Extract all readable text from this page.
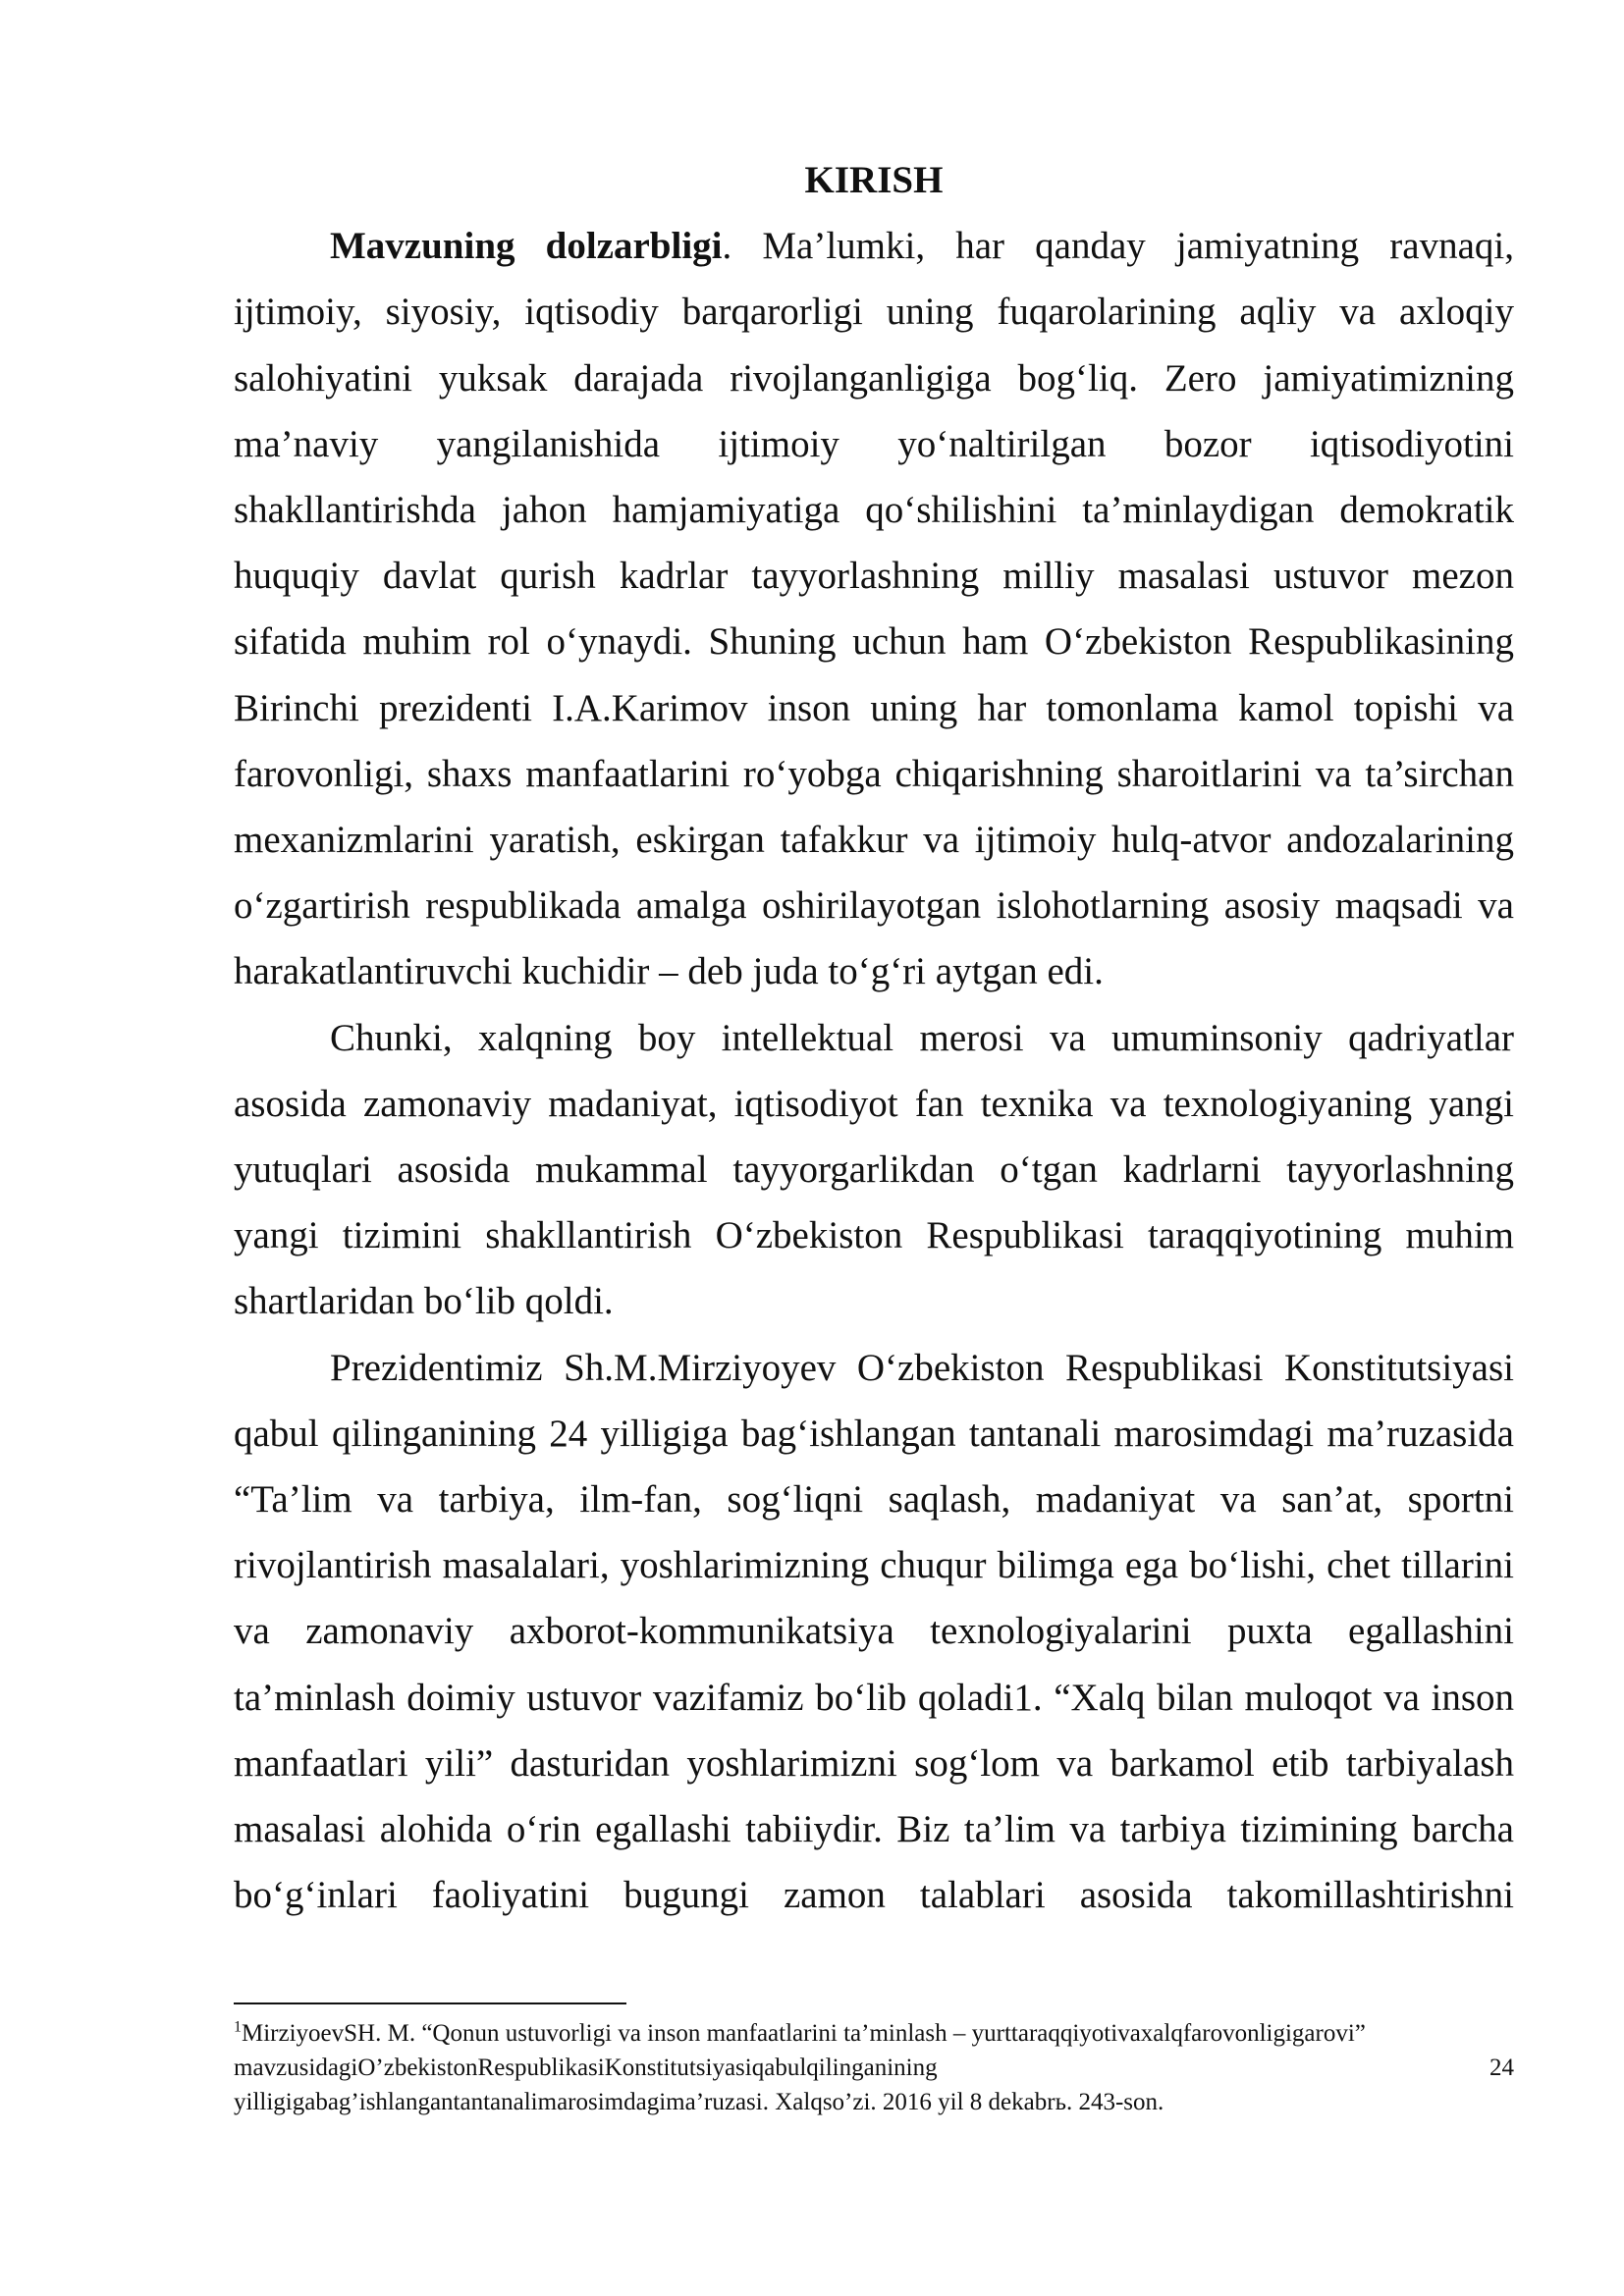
KIRISH

Mavzuning dolzarbligi. Ma’lumki, har qanday jamiyatning ravnaqi, ijtimoiy, siyosiy, iqtisodiy barqarorligi uning fuqarolarining aqliy va axloqiy salohiyatini yuksak darajada rivojlanganligiga bog‘liq. Zero jamiyatimizning ma’naviy yangilanishida ijtimoiy yo‘naltirilgan bozor iqtisodiyotini shakllantirishda jahon hamjamiyatiga qo‘shilishini ta’minlaydigan demokratik huquqiy davlat qurish kadrlar tayyorlashning milliy masalasi ustuvor mezon sifatida muhim rol o‘ynaydi. Shuning uchun ham O‘zbekiston Respublikasining Birinchi prezidenti I.A.Karimov inson uning har tomonlama kamol topishi va farovonligi, shaxs manfaatlarini ro‘yobga chiqarishning sharoitlarini va ta’sirchan mexanizmlarini yaratish, eskirgan tafakkur va ijtimoiy hulq-atvor andozalarining o‘zgartirish respublikada amalga oshirilayotgan islohotlarning asosiy maqsadi va harakatlantiruvchi kuchidir – deb juda to‘g‘ri aytgan edi.

Chunki, xalqning boy intellektual merosi va umuminsoniy qadriyatlar asosida zamonaviy madaniyat, iqtisodiyot fan texnika va texnologiyaning yangi yutuqlari asosida mukammal tayyorgarlikdan o‘tgan kadrlarni tayyorlashning yangi tizimini shakllantirish O‘zbekiston Respublikasi taraqqiyotining muhim shartlaridan bo‘lib qoldi.

Prezidentimiz Sh.M.Mirziyoyev O‘zbekiston Respublikasi Konstitutsiyasi qabul qilinganining 24 yilligiga bag‘ishlangan tantanali marosimdagi ma’ruzasida “Ta’lim va tarbiya, ilm-fan, sog‘liqni saqlash, madaniyat va san’at, sportni rivojlantirish masalalari, yoshlarimizning chuqur bilimga ega bo‘lishi, chet tillarini va zamonaviy axborot-kommunikatsiya texnologiyalarini puxta egallashini ta’minlash doimiy ustuvor vazifamiz bo‘lib qoladi1. “Xalq bilan muloqot va inson manfaatlari yili” dasturidan yoshlarimizni sog‘lom va barkamol etib tarbiyalash masalasi alohida o‘rin egallashi tabiiydir. Biz ta’lim va tarbiya tizimining barcha bo‘g‘inlari faoliyatini bugungi zamon talablari asosida takomillashtirishni

$^1$MirziyoevSH. M. “Qonun ustuvorligi va inson manfaatlarini ta’minlash – yurttaraqqiyotivaxalqfarovonligigarovi”
mavzusidagiO’zbekistonRespublikasiKonstitutsiyasiqabulqilinganining	24
yilligigabag’ishlangantantanalimarosimdagima’ruzasi. Xalqso’zi. 2016 yil 8 dekabrь. 243-son.
